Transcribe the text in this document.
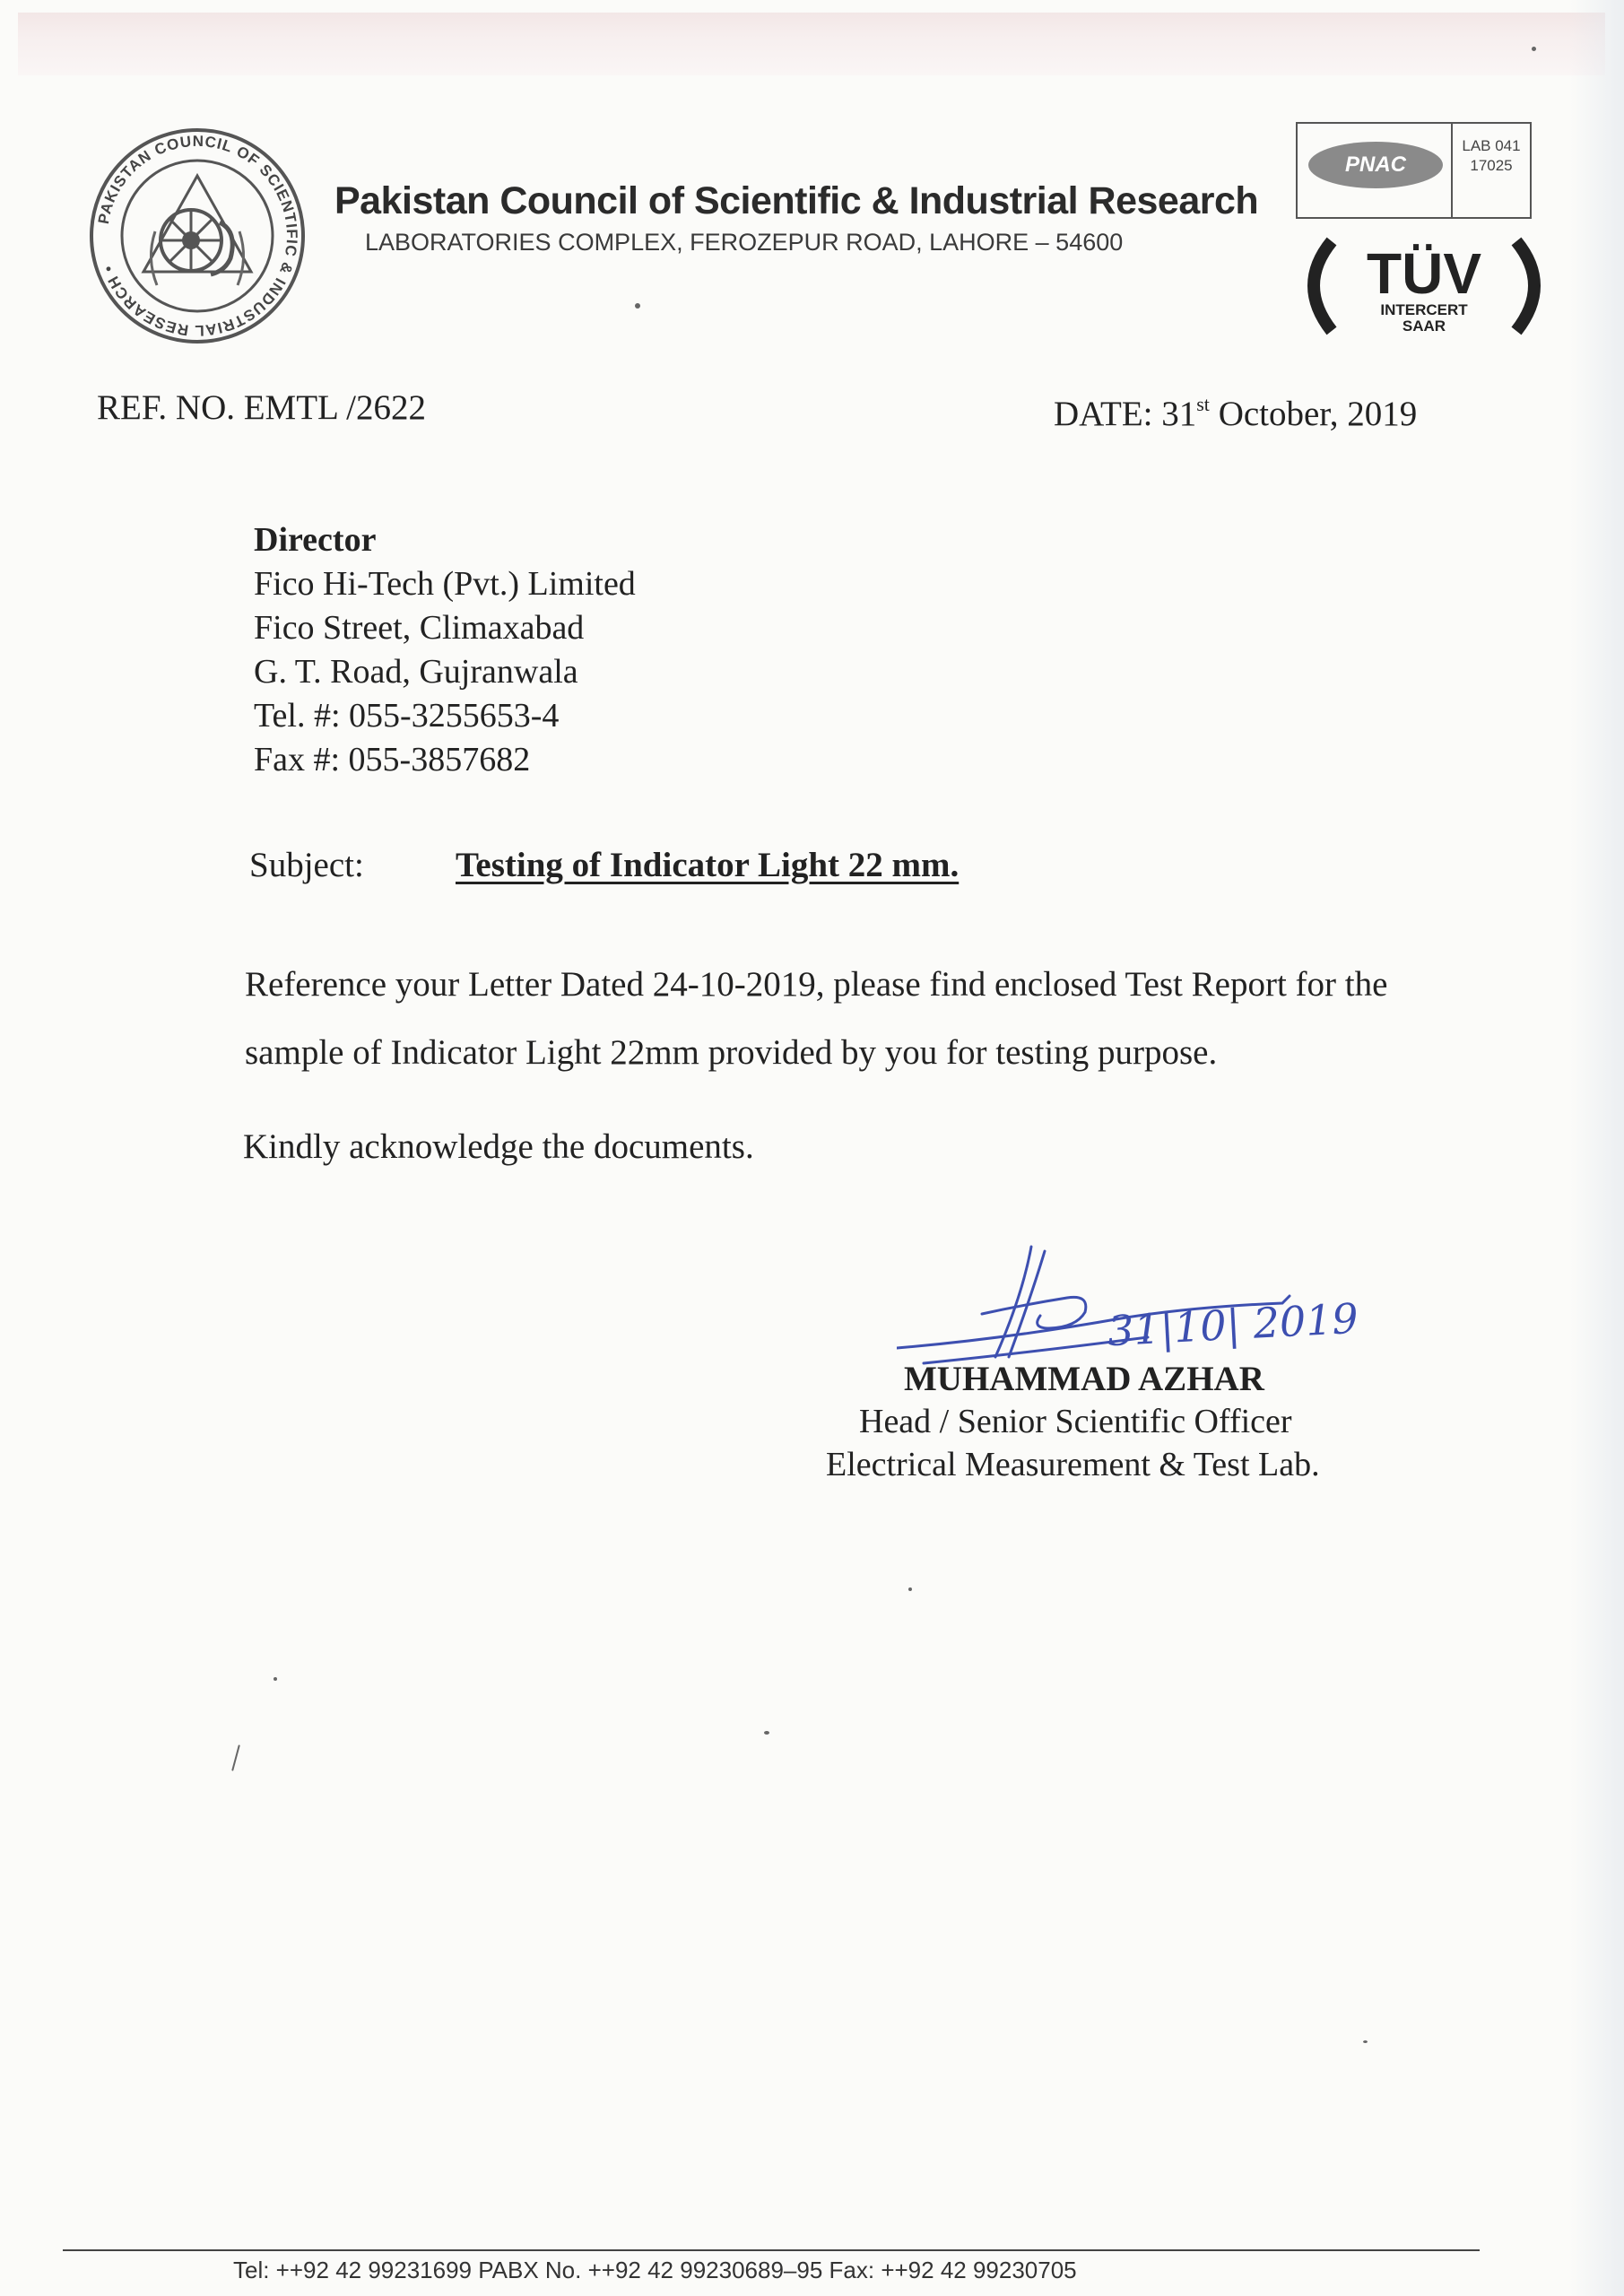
PAKISTAN COUNCIL OF SCIENTIFIC & INDUSTRIAL RESEARCH •
Pakistan Council of Scientific & Industrial Research
LABORATORIES COMPLEX, FEROZEPUR ROAD, LAHORE – 54600
PNAC
LAB 041
17025
TÜV
INTERCERT
SAAR
REF. NO. EMTL /2622	DATE: 31st October, 2019
Director
Fico Hi-Tech (Pvt.) Limited
Fico Street, Climaxabad
G. T. Road, Gujranwala
Tel. #: 055-3255653-4
Fax #: 055-3857682
Subject:	Testing of Indicator Light 22 mm.
Reference your Letter Dated 24-10-2019, please find enclosed Test Report for the sample of Indicator Light 22mm provided by you for testing purpose.
Kindly acknowledge the documents.
31|10| 2019
MUHAMMAD AZHAR
Head / Senior Scientific Officer
Electrical Measurement & Test Lab.
Tel: ++92 42 99231699 PABX No. ++92 42 99230689–95 Fax: ++92 42 99230705
